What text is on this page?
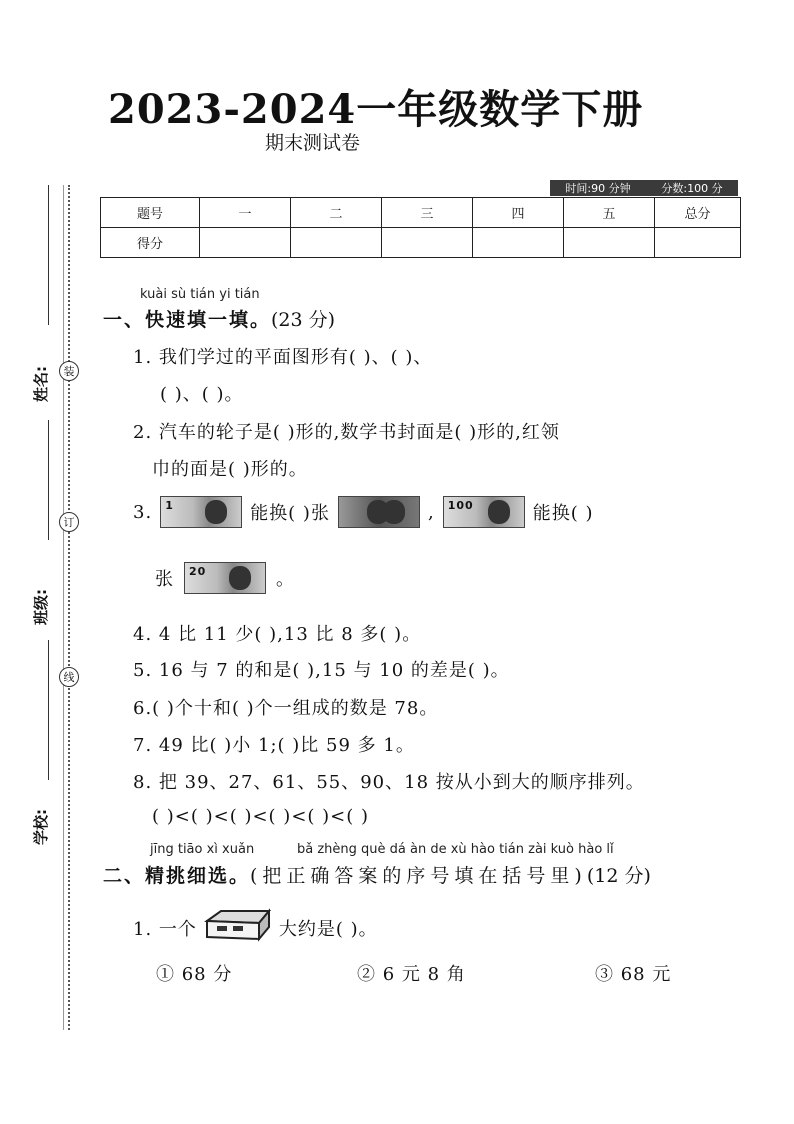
2023-2024一年级数学下册
期末测试卷
时间:90 分钟	分数:100 分
题号	一	二	三	四	五	总分
得分						
姓名:
班级:
学校:
装
订
线
kuài sù tián yi tián
一、快速填一填。(23 分)
1. 我们学过的平面图形有( )、( )、
( )、( )。
2. 汽车的轮子是( )形的,数学书封面是( )形的,红领
巾的面是( )形的。
3. 1	能换( )张	, 100	能换( )
张 20	。
4. 4 比 11 少( ),13 比 8 多( )。
5. 16 与 7 的和是( ),15 与 10 的差是( )。
6.( )个十和( )个一组成的数是 78。
7. 49 比( )小 1;( )比 59 多 1。
8. 把 39、27、61、55、90、18 按从小到大的顺序排列。
( )<( )<( )<( )<( )<( )
jīng tiāo xì xuǎn	bǎ zhèng què dá àn de xù hào tián zài kuò hào lǐ
二、精挑细选。(把正确答案的序号填在括号里)(12 分)
1. 一个	大约是( )。
① 68 分	② 6 元 8 角	③ 68 元
